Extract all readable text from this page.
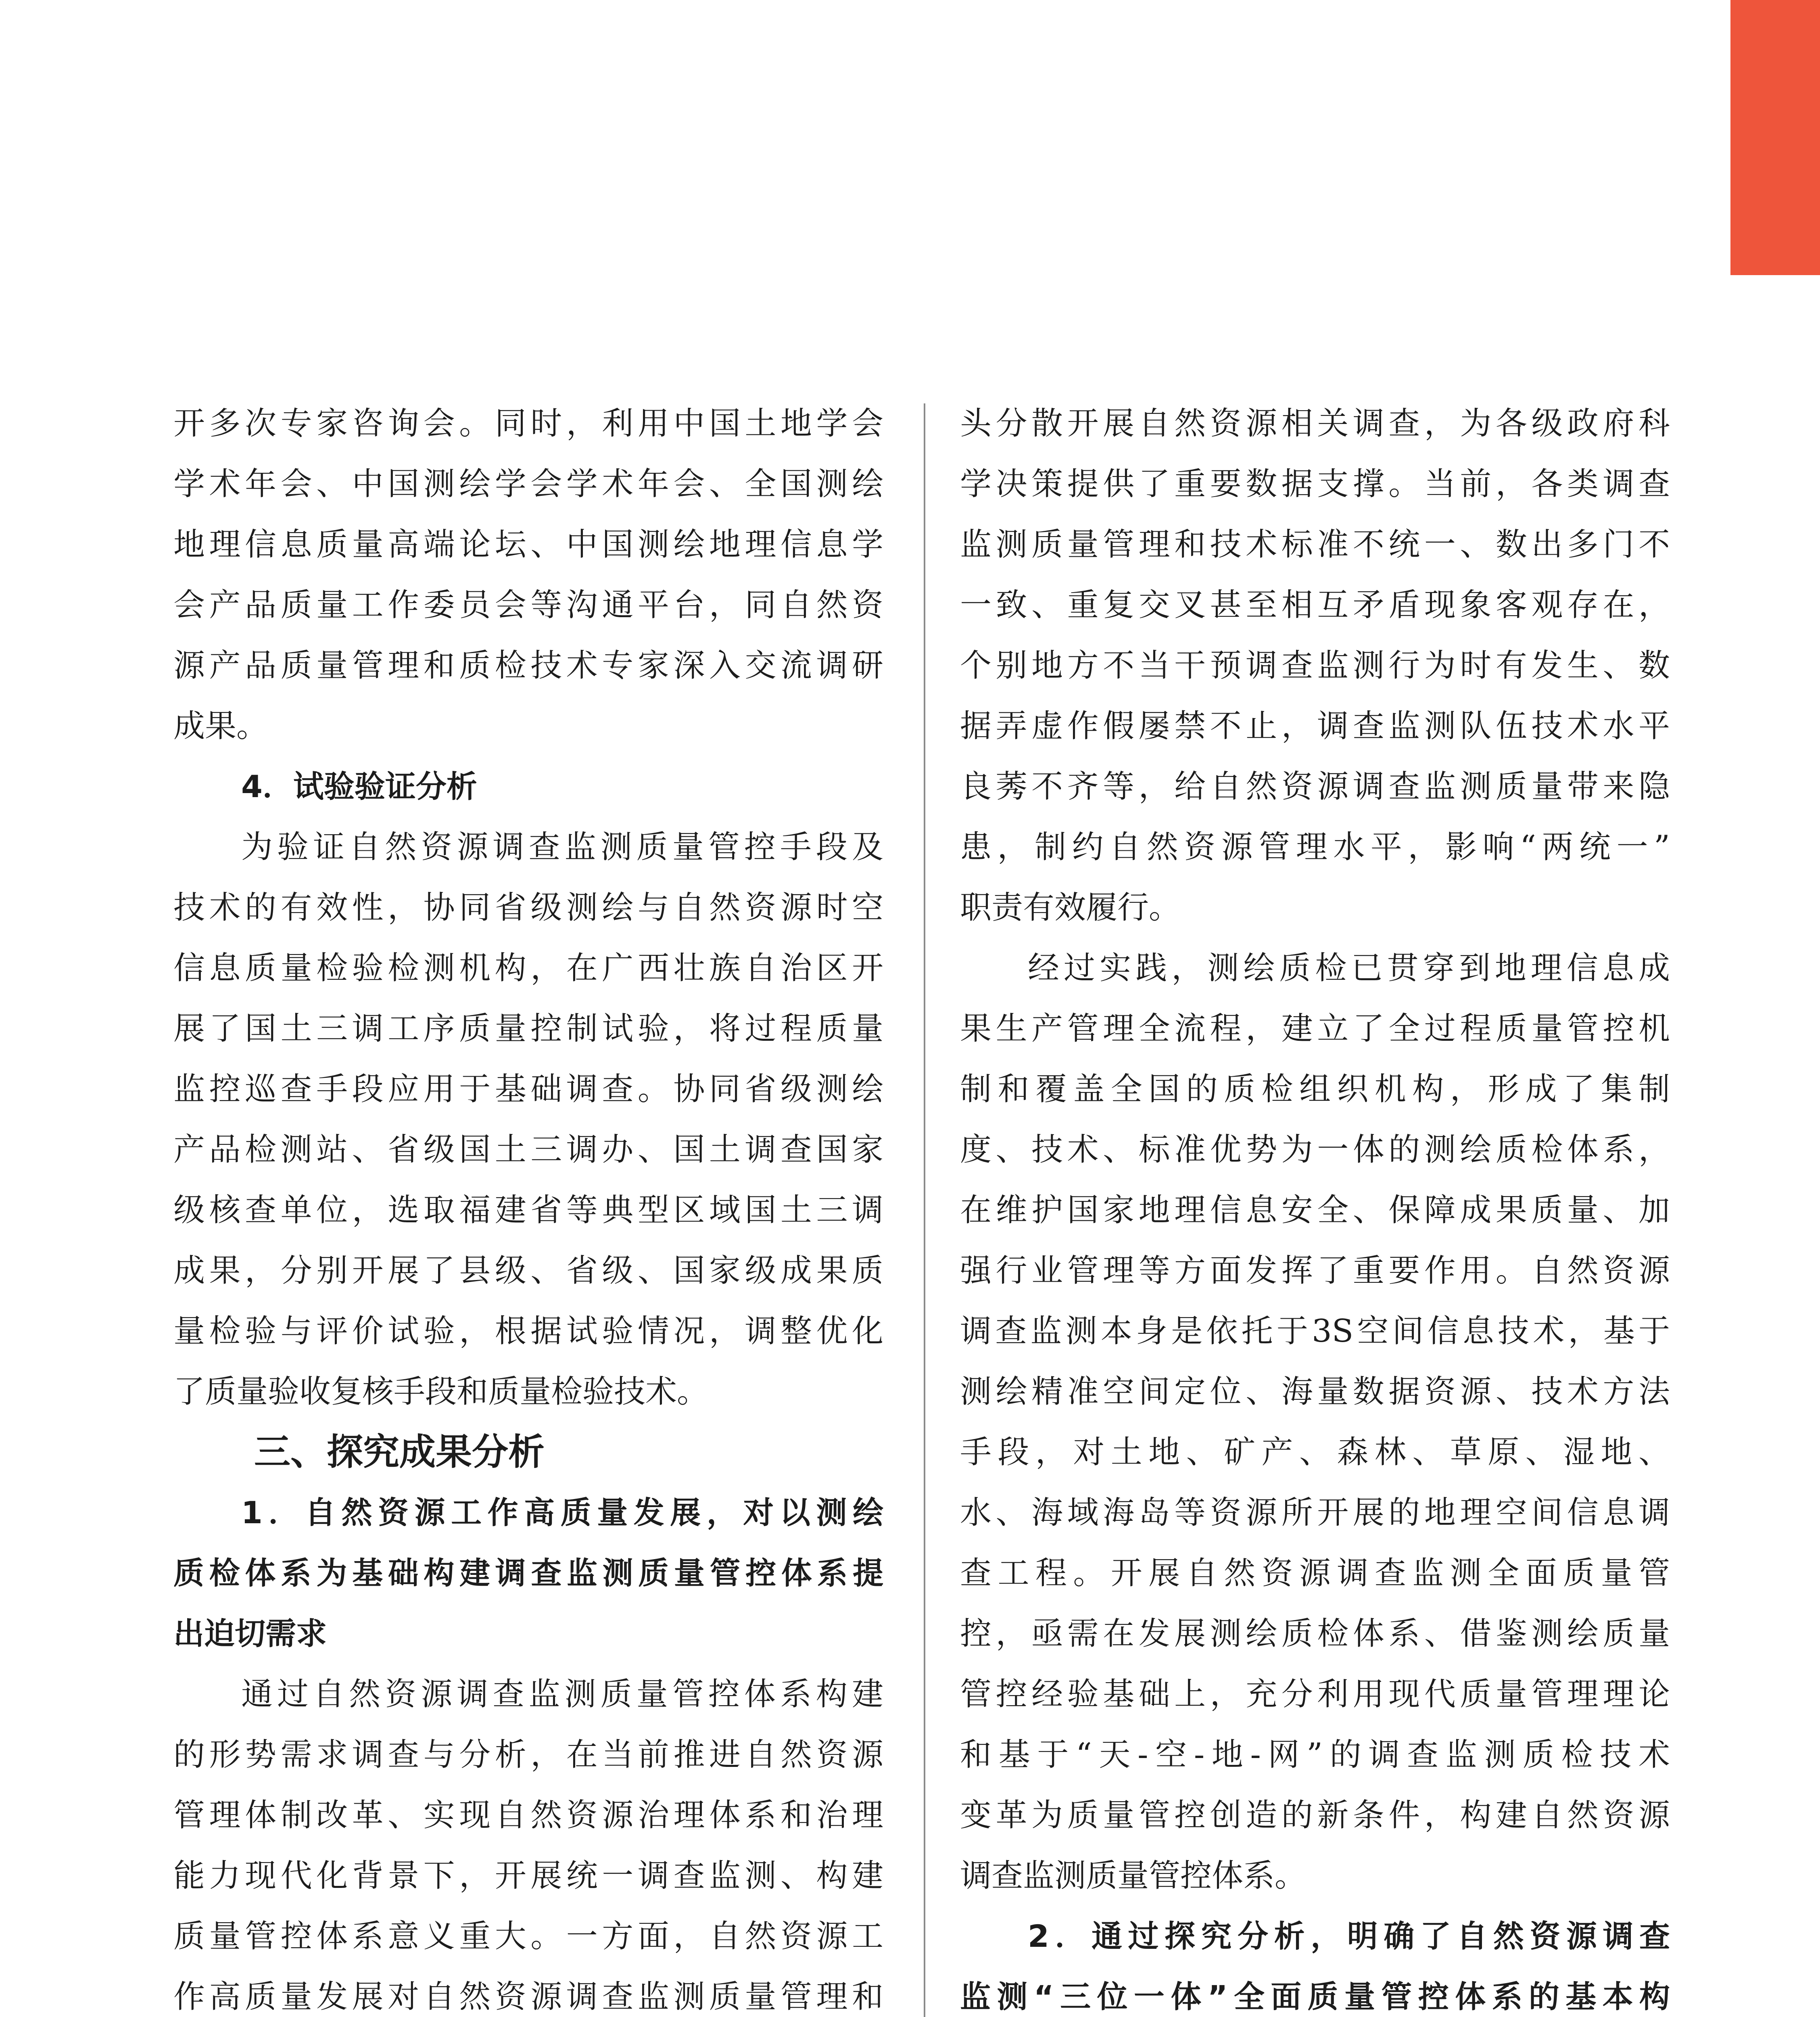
开多次专家咨询会。同时，利用中国土地学会

学术年会、中国测绘学会学术年会、全国测绘

地理信息质量高端论坛、中国测绘地理信息学

会产品质量工作委员会等沟通平台，同自然资

源产品质量管理和质检技术专家深入交流调研

成果。

4．试验验证分析

为验证自然资源调查监测质量管控手段及

技术的有效性，协同省级测绘与自然资源时空

信息质量检验检测机构，在广西壮族自治区开

展了国土三调工序质量控制试验，将过程质量

监控巡查手段应用于基础调查。协同省级测绘

产品检测站、省级国土三调办、国土调查国家

级核查单位，选取福建省等典型区域国土三调

成果，分别开展了县级、省级、国家级成果质

量检验与评价试验，根据试验情况，调整优化

了质量验收复核手段和质量检验技术。

三、探究成果分析

1．自然资源工作高质量发展，对以测绘

质检体系为基础构建调查监测质量管控体系提

出迫切需求

通过自然资源调查监测质量管控体系构建

的形势需求调查与分析，在当前推进自然资源

管理体制改革、实现自然资源治理体系和治理

能力现代化背景下，开展统一调查监测、构建

质量管控体系意义重大。一方面，自然资源工

作高质量发展对自然资源调查监测质量管理和

头分散开展自然资源相关调查，为各级政府科

学决策提供了重要数据支撑。当前，各类调查

监测质量管理和技术标准不统一、数出多门不

一致、重复交叉甚至相互矛盾现象客观存在，

个别地方不当干预调查监测行为时有发生、数

据弄虚作假屡禁不止，调查监测队伍技术水平

良莠不齐等，给自然资源调查监测质量带来隐

患，制约自然资源管理水平，影响“两统一”

职责有效履行。

经过实践，测绘质检已贯穿到地理信息成

果生产管理全流程，建立了全过程质量管控机

制和覆盖全国的质检组织机构，形成了集制

度、技术、标准优势为一体的测绘质检体系，

在维护国家地理信息安全、保障成果质量、加

强行业管理等方面发挥了重要作用。自然资源

调查监测本身是依托于3S空间信息技术，基于

测绘精准空间定位、海量数据资源、技术方法

手段，对土地、矿产、森林、草原、湿地、

水、海域海岛等资源所开展的地理空间信息调

查工程。开展自然资源调查监测全面质量管

控，亟需在发展测绘质检体系、借鉴测绘质量

管控经验基础上，充分利用现代质量管理理论

和基于“天-空-地-网”的调查监测质检技术

变革为质量管控创造的新条件，构建自然资源

调查监测质量管控体系。

2．通过探究分析，明确了自然资源调查

监测“三位一体”全面质量管控体系的基本构
